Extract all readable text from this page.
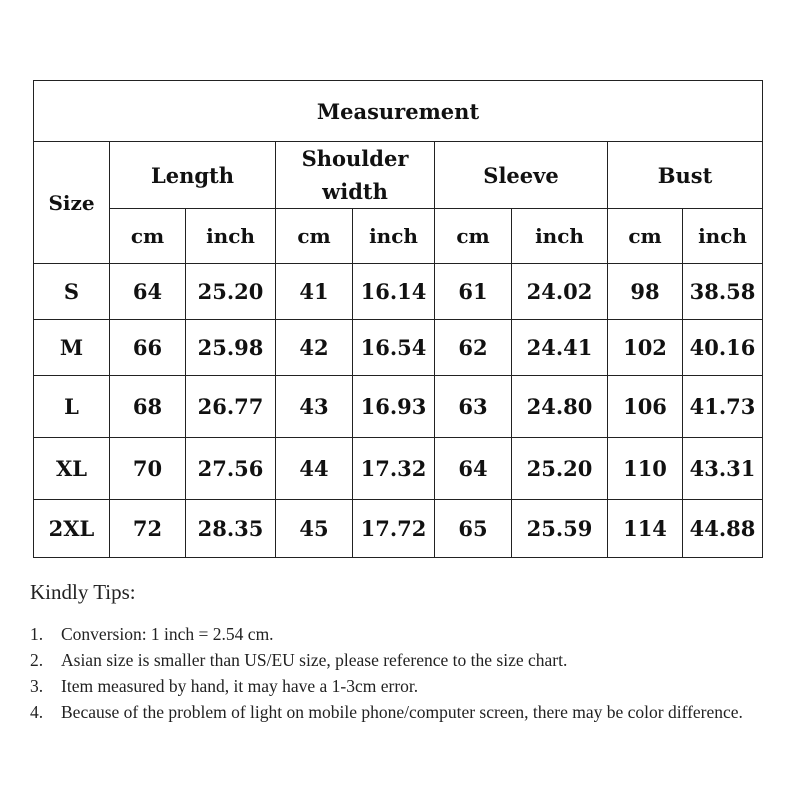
Measurement								
Size	Length		Shoulder width		Sleeve		Bust	
	cm	inch	cm	inch	cm	inch	cm	inch
S	64	25.20	41	16.14	61	24.02	98	38.58
M	66	25.98	42	16.54	62	24.41	102	40.16
L	68	26.77	43	16.93	63	24.80	106	41.73
XL	70	27.56	44	17.32	64	25.20	110	43.31
2XL	72	28.35	45	17.72	65	25.59	114	44.88
Kindly Tips:
1.	Conversion: 1 inch = 2.54 cm.
2.	Asian size is smaller than US/EU size, please reference to the size chart.
3.	Item measured by hand, it may have a 1-3cm error.
4.	Because of the problem of light on mobile phone/computer screen, there may be color difference.
